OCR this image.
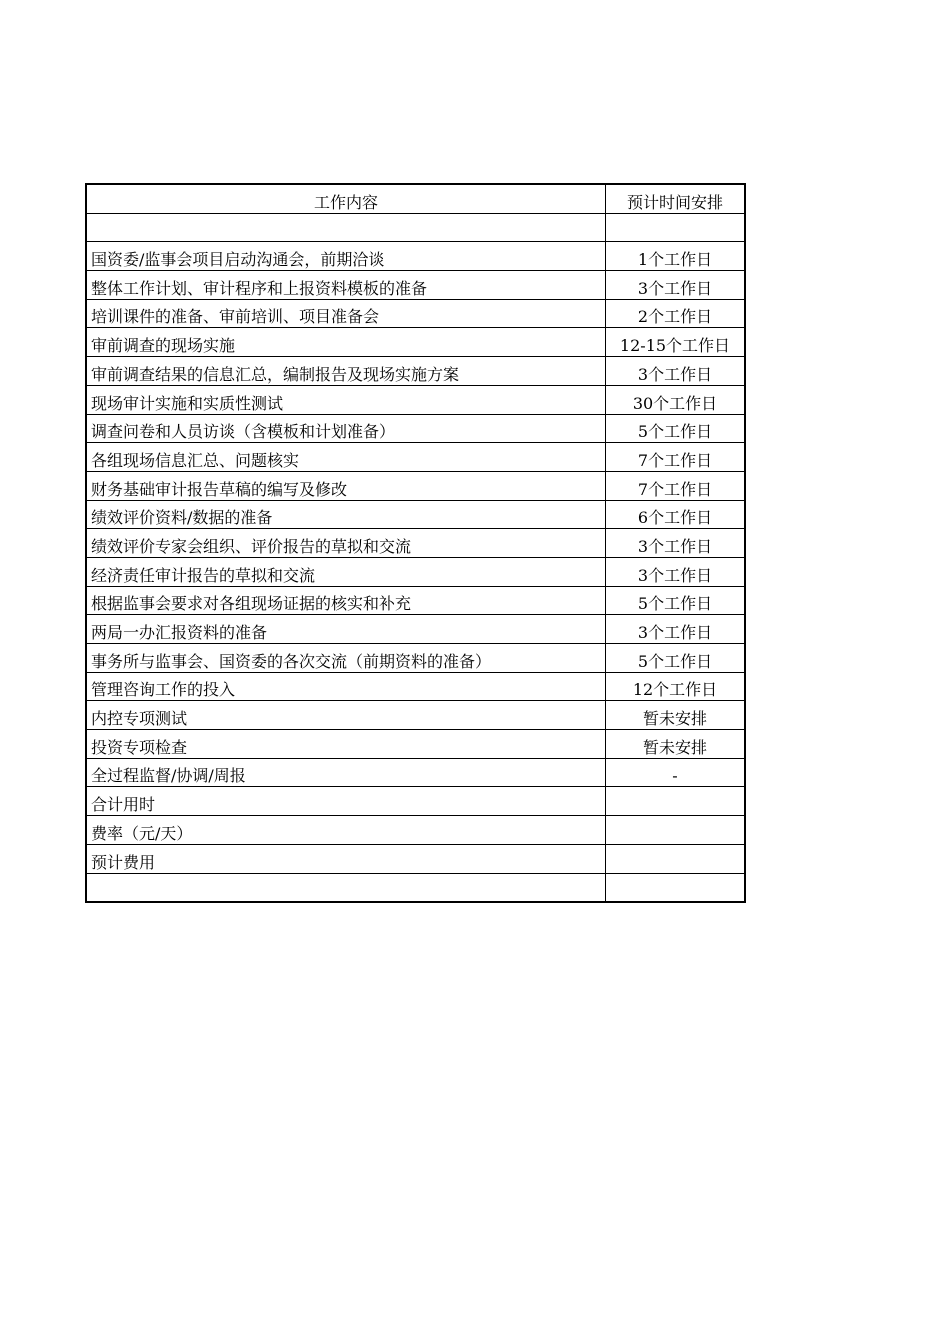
工作内容	预计时间安排

国资委/监事会项目启动沟通会，前期洽谈	1个工作日
整体工作计划、审计程序和上报资料模板的准备	3个工作日
培训课件的准备、审前培训、项目准备会	2个工作日
审前调查的现场实施	12-15个工作日
审前调查结果的信息汇总，编制报告及现场实施方案	3个工作日
现场审计实施和实质性测试	30个工作日
调查问卷和人员访谈（含模板和计划准备）	5个工作日
各组现场信息汇总、问题核实	7个工作日
财务基础审计报告草稿的编写及修改	7个工作日
绩效评价资料/数据的准备	6个工作日
绩效评价专家会组织、评价报告的草拟和交流	3个工作日
经济责任审计报告的草拟和交流	3个工作日
根据监事会要求对各组现场证据的核实和补充	5个工作日
两局一办汇报资料的准备	3个工作日
事务所与监事会、国资委的各次交流（前期资料的准备）	5个工作日
管理咨询工作的投入	12个工作日
内控专项测试	暂未安排
投资专项检查	暂未安排
全过程监督/协调/周报	-
合计用时	
费率（元/天）	
预计费用	
